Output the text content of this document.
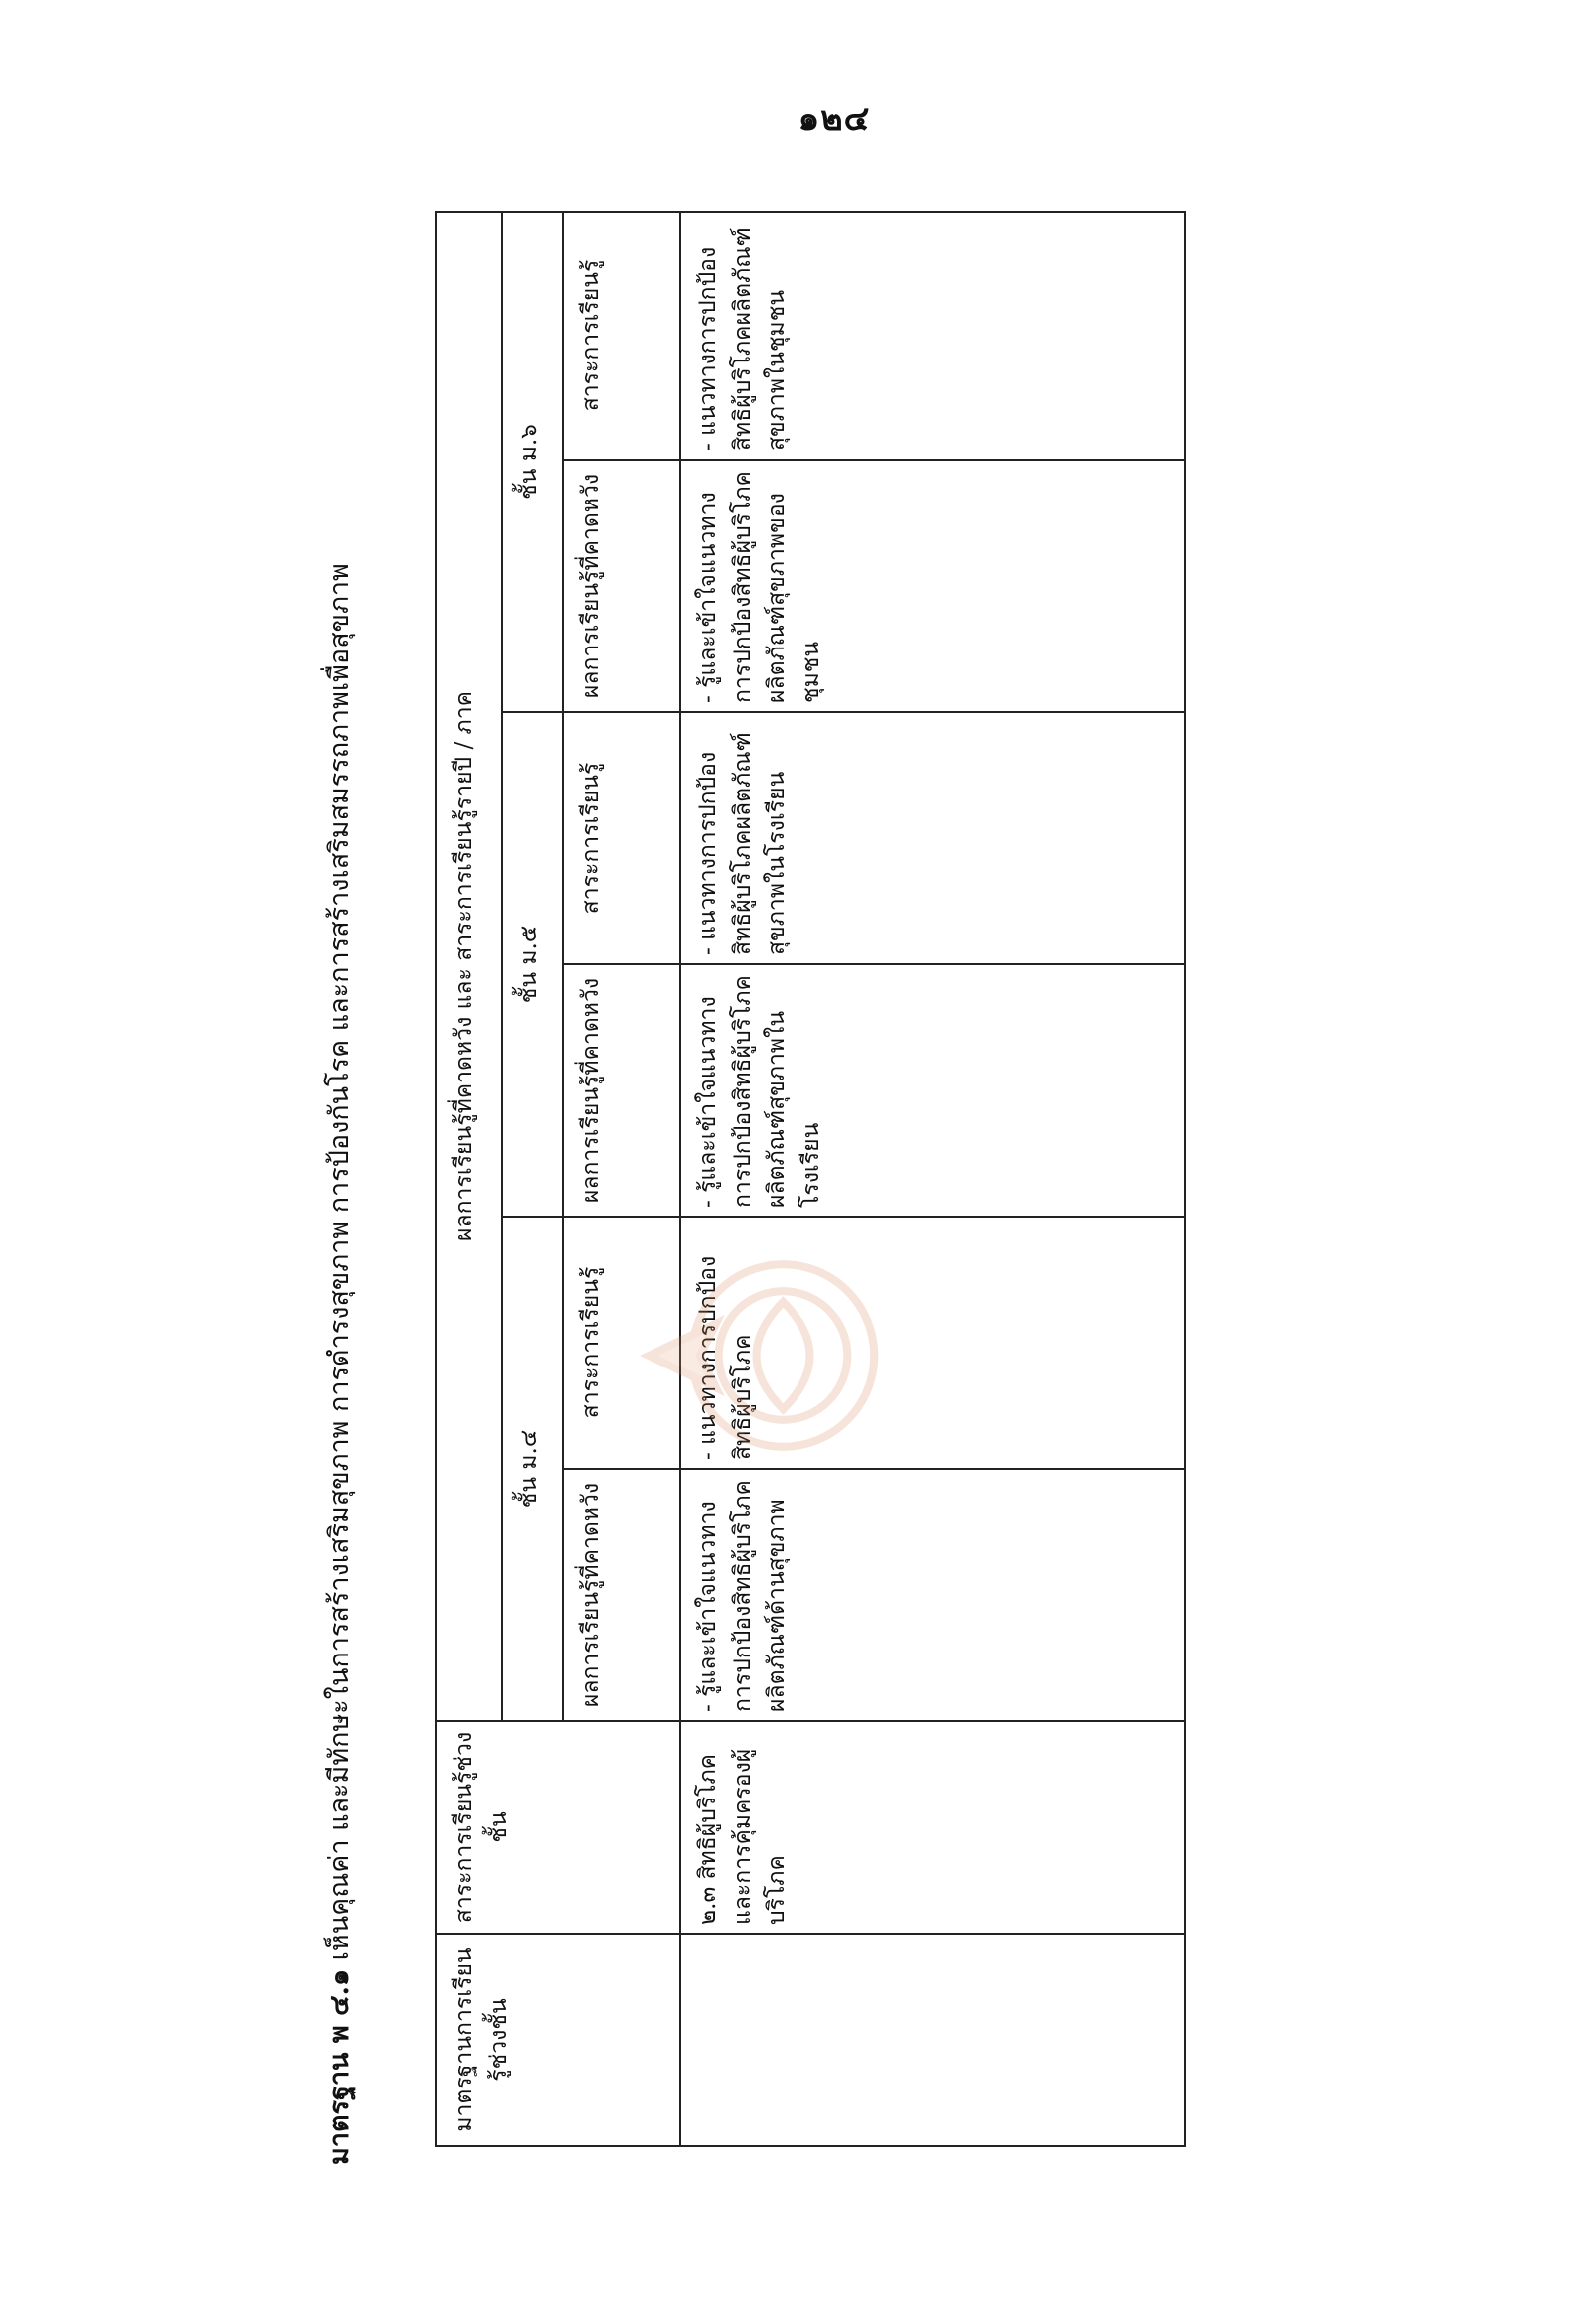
๑๒๔
มาตรฐาน พ ๔.๑ เห็นคุณค่า และมีทักษะในการสร้างเสริมสุขภาพ การดำรงสุขภาพ การป้องกันโรค และการสร้างเสริมสมรรถภาพเพื่อสุขภาพ
มาตรฐานการเรียนรู้ช่วงชั้น	สาระการเรียนรู้ช่วงชั้น	ผลการเรียนรู้ที่คาดหวัง และ สาระการเรียนรู้รายปี / ภาค					
		ชั้น ม.๔		ชั้น ม.๕		ชั้น ม.๖	
		ผลการเรียนรู้ที่คาดหวัง	สาระการเรียนรู้	ผลการเรียนรู้ที่คาดหวัง	สาระการเรียนรู้	ผลการเรียนรู้ที่คาดหวัง	สาระการเรียนรู้
	๒.๓ สิทธิผู้บริโภค และการคุ้มครองผู้บริโภค	- รู้และเข้าใจแนวทางการปกป้องสิทธิผู้บริโภคผลิตภัณฑ์ด้านสุขภาพ	- แนวทางการปกป้องสิทธิผู้บริโภค	- รู้และเข้าใจแนวทางการปกป้องสิทธิผู้บริโภคผลิตภัณฑ์สุขภาพในโรงเรียน	- แนวทางการปกป้องสิทธิผู้บริโภคผลิตภัณฑ์สุขภาพในโรงเรียน	- รู้และเข้าใจแนวทางการปกป้องสิทธิผู้บริโภคผลิตภัณฑ์สุขภาพของชุมชน	- แนวทางการปกป้องสิทธิผู้บริโภคผลิตภัณฑ์สุขภาพในชุมชน
